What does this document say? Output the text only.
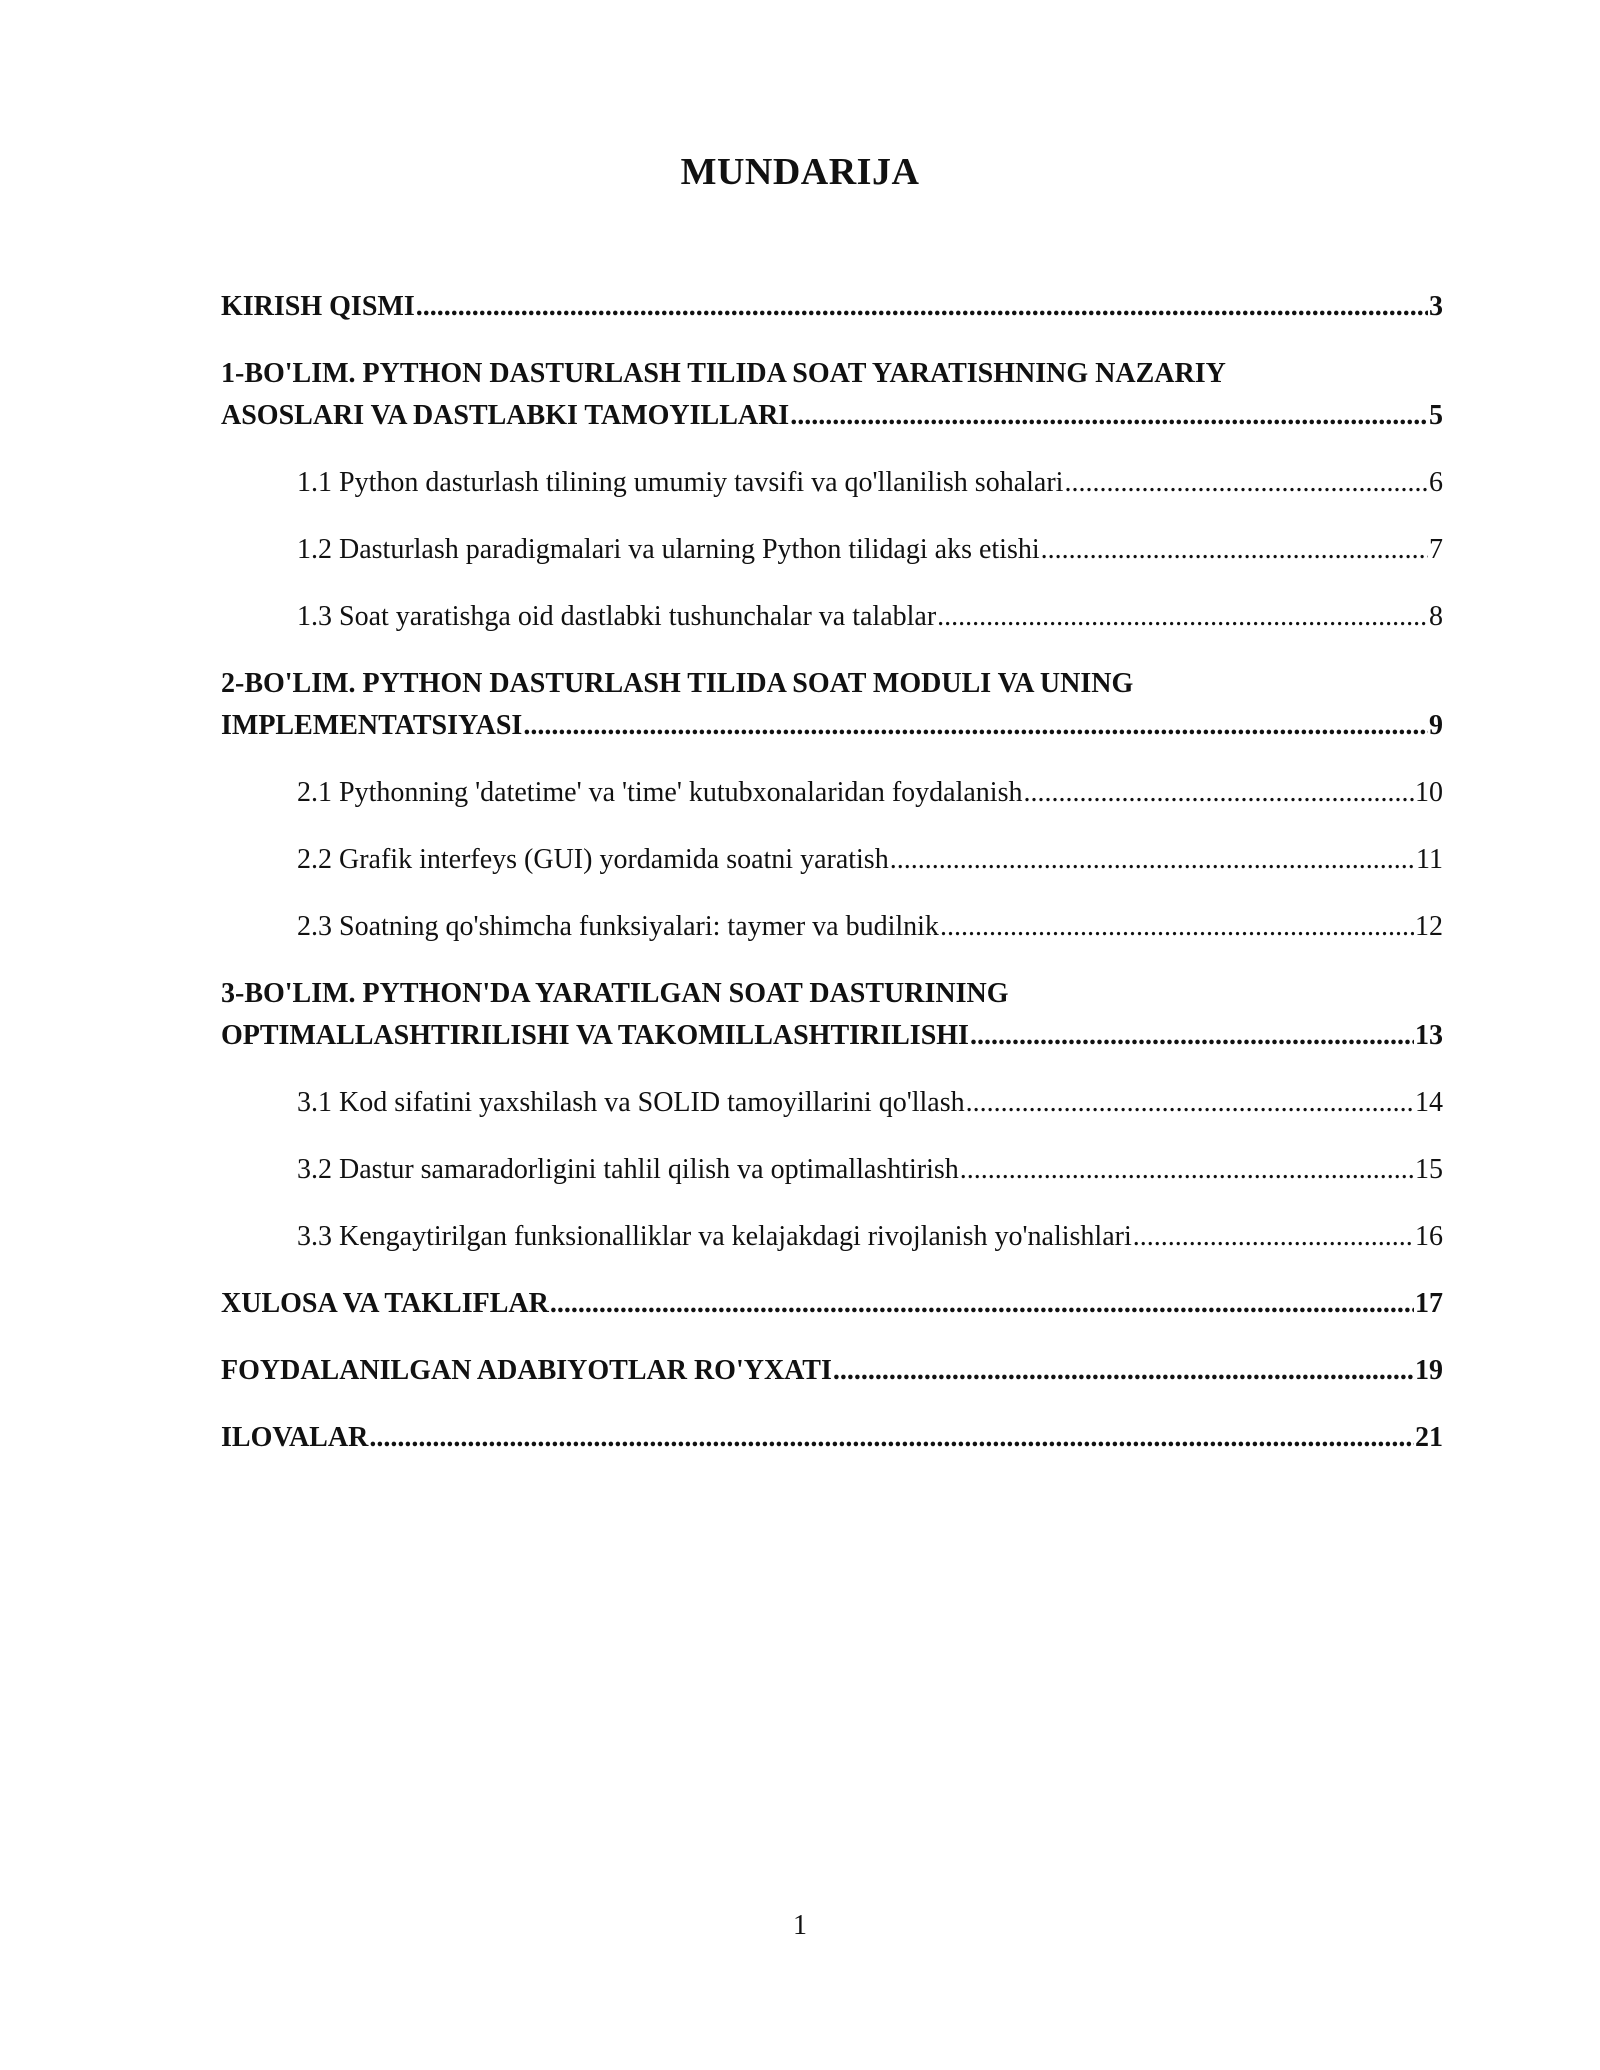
MUNDARIJA
KIRISH QISMI .....	3
1-BO'LIM. PYTHON DASTURLASH TILIDA SOAT YARATISHNING NAZARIY
ASOSLARI VA DASTLABKI TAMOYILLARI .....	5
1.1 Python dasturlash tilining umumiy tavsifi va qo'llanilish sohalari .....	6
1.2 Dasturlash paradigmalari va ularning Python tilidagi aks etishi .....	7
1.3 Soat yaratishga oid dastlabki tushunchalar va talablar .....	8
2-BO'LIM. PYTHON DASTURLASH TILIDA SOAT MODULI VA UNING
IMPLEMENTATSIYASI .....	9
2.1 Pythonning 'datetime' va 'time' kutubxonalaridan foydalanish .....	10
2.2 Grafik interfeys (GUI) yordamida soatni yaratish .....	11
2.3 Soatning qo'shimcha funksiyalari: taymer va budilnik .....	12
3-BO'LIM. PYTHON'DA YARATILGAN SOAT DASTURINING
OPTIMALLASHTIRILISHI VA TAKOMILLASHTIRILISHI .....	13
3.1 Kod sifatini yaxshilash va SOLID tamoyillarini qo'llash .....	14
3.2 Dastur samaradorligini tahlil qilish va optimallashtirish .....	15
3.3 Kengaytirilgan funksionalliklar va kelajakdagi rivojlanish yo'nalishlari .....	16
XULOSA VA TAKLIFLAR .....	17
FOYDALANILGAN ADABIYOTLAR RO'YXATI .....	19
ILOVALAR .....	21
1
